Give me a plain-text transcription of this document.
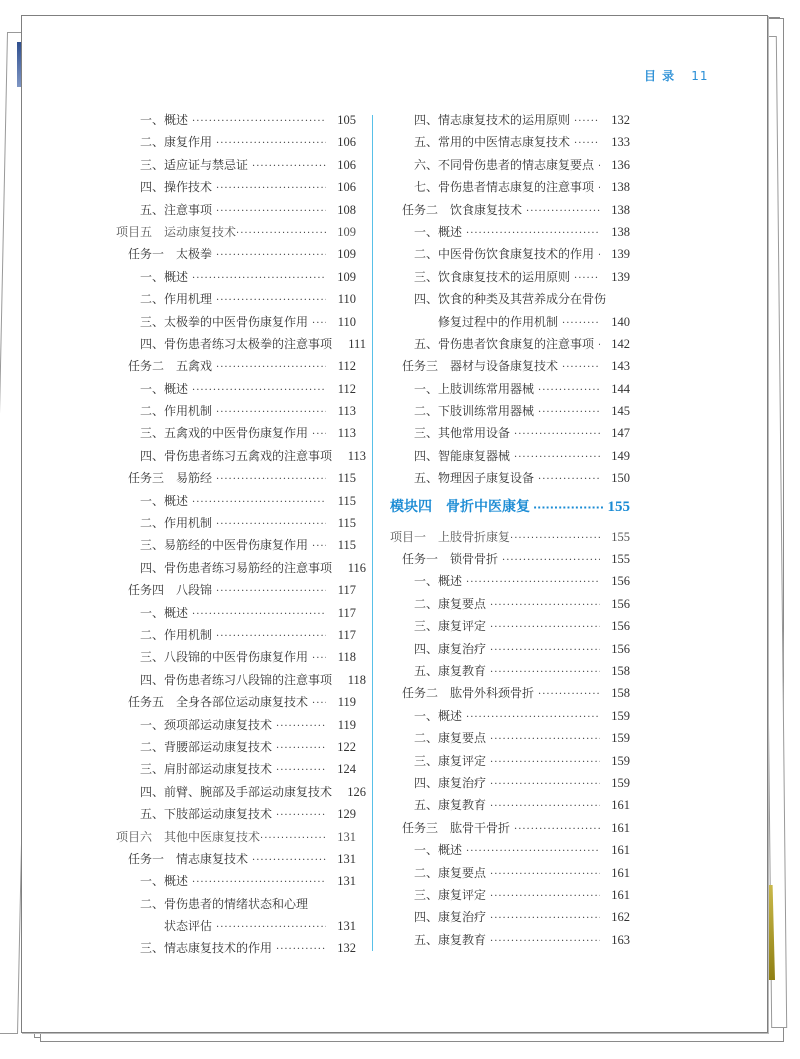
目 录 11
一、概述 ·····	105
二、康复作用 ·····	106
三、适应证与禁忌证 ·····	106
四、操作技术 ·····	106
五、注意事项 ·····	108
项目五　运动康复技术 ·····	109
任务一　太极拳 ·····	109
一、概述 ·····	109
二、作用机理 ·····	110
三、太极拳的中医骨伤康复作用 ·····	110
四、骨伤患者练习太极拳的注意事项	111
任务二　五禽戏 ·····	112
一、概述 ·····	112
二、作用机制 ·····	113
三、五禽戏的中医骨伤康复作用 ·····	113
四、骨伤患者练习五禽戏的注意事项	113
任务三　易筋经 ·····	115
一、概述 ·····	115
二、作用机制 ·····	115
三、易筋经的中医骨伤康复作用 ·····	115
四、骨伤患者练习易筋经的注意事项	116
任务四　八段锦 ·····	117
一、概述 ·····	117
二、作用机制 ·····	117
三、八段锦的中医骨伤康复作用 ·····	118
四、骨伤患者练习八段锦的注意事项	118
任务五　全身各部位运动康复技术 ·····	119
一、颈项部运动康复技术 ·····	119
二、背腰部运动康复技术 ·····	122
三、肩肘部运动康复技术 ·····	124
四、前臂、腕部及手部运动康复技术	126
五、下肢部运动康复技术 ·····	129
项目六　其他中医康复技术 ·····	131
任务一　情志康复技术 ·····	131
一、概述 ·····	131
二、骨伤患者的情绪状态和心理
状态评估 ·····	131
三、情志康复技术的作用 ·····	132
四、情志康复技术的运用原则 ·····	132
五、常用的中医情志康复技术 ·····	133
六、不同骨伤患者的情志康复要点 ·····	136
七、骨伤患者情志康复的注意事项 ·····	138
任务二　饮食康复技术 ·····	138
一、概述 ·····	138
二、中医骨伤饮食康复技术的作用 ·····	139
三、饮食康复技术的运用原则 ·····	139
四、饮食的种类及其营养成分在骨伤
修复过程中的作用机制 ·····	140
五、骨伤患者饮食康复的注意事项 ·····	142
任务三　器材与设备康复技术 ·····	143
一、上肢训练常用器械 ·····	144
二、下肢训练常用器械 ·····	145
三、其他常用设备 ·····	147
四、智能康复器械 ·····	149
五、物理因子康复设备 ·····	150
模块四　骨折中医康复 ·····	155
项目一　上肢骨折康复 ·····	155
任务一　锁骨骨折 ·····	155
一、概述 ·····	156
二、康复要点 ·····	156
三、康复评定 ·····	156
四、康复治疗 ·····	156
五、康复教育 ·····	158
任务二　肱骨外科颈骨折 ·····	158
一、概述 ·····	159
二、康复要点 ·····	159
三、康复评定 ·····	159
四、康复治疗 ·····	159
五、康复教育 ·····	161
任务三　肱骨干骨折 ·····	161
一、概述 ·····	161
二、康复要点 ·····	161
三、康复评定 ·····	161
四、康复治疗 ·····	162
五、康复教育 ·····	163
